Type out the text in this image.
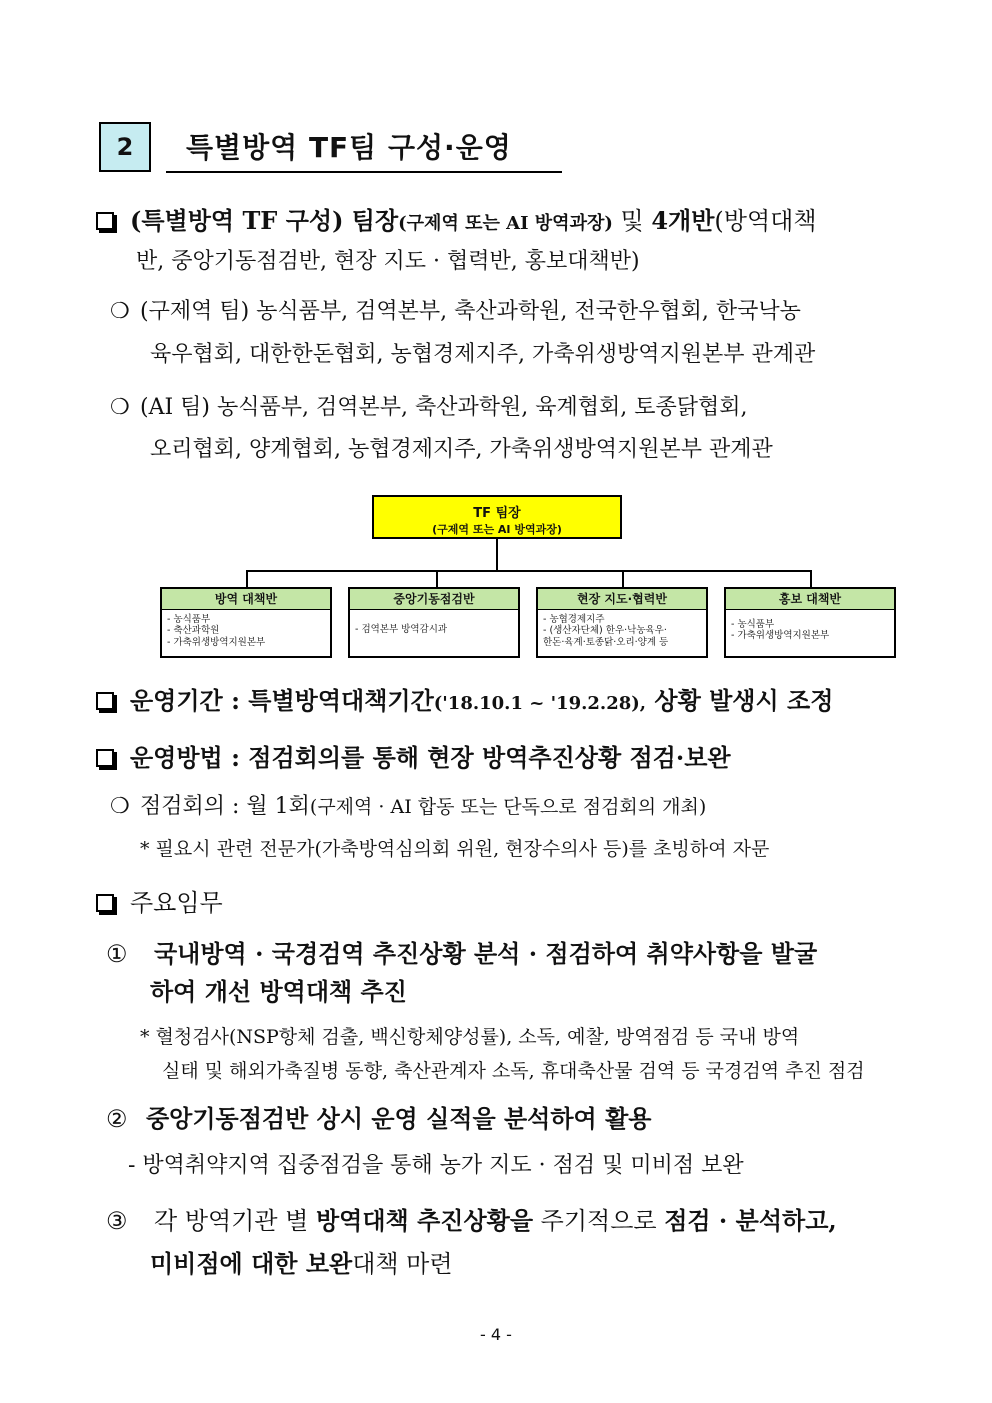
2	특별방역 TF팀 구성·운영
(특별방역 TF 구성) 팀장(구제역 또는 AI 방역과장) 및 4개반(방역대책
반, 중앙기동점검반, 현장 지도 · 협력반, 홍보대책반)
❍ (구제역 팀) 농식품부, 검역본부, 축산과학원, 전국한우협회, 한국낙농
육우협회, 대한한돈협회, 농협경제지주, 가축위생방역지원본부 관계관
❍ (AI 팀) 농식품부, 검역본부, 축산과학원, 육계협회, 토종닭협회,
오리협회, 양계협회, 농협경제지주, 가축위생방역지원본부 관계관
TF 팀장
(구제역 또는 AI 방역과장)
방역 대책반
- 농식품부
- 축산과학원
- 가축위생방역지원본부
중앙기동점검반
- 검역본부 방역감시과
현장 지도·협력반
- 농협경제지주
- (생산자단체) 한우·낙농육우·
한돈·육계·토종닭·오리·양계 등
홍보 대책반
- 농식품부
- 가축위생방역지원본부
운영기간 : 특별방역대책기간('18.10.1 ~ '19.2.28), 상황 발생시 조정
운영방법 : 점검회의를 통해 현장 방역추진상황 점검·보완
❍ 점검회의 : 월 1회(구제역 · AI 합동 또는 단독으로 점검회의 개최)
* 필요시 관련 전문가(가축방역심의회 위원, 현장수의사 등)를 초빙하여 자문
주요임무
① 국내방역 · 국경검역 추진상황 분석 · 점검하여 취약사항을 발굴
하여 개선 방역대책 추진
* 혈청검사(NSP항체 검출, 백신항체양성률), 소독, 예찰, 방역점검 등 국내 방역
실태 및 해외가축질병 동향, 축산관계자 소독, 휴대축산물 검역 등 국경검역 추진 점검
② 중앙기동점검반 상시 운영 실적을 분석하여 활용
- 방역취약지역 집중점검을 통해 농가 지도 · 점검 및 미비점 보완
③ 각 방역기관 별 방역대책 추진상황을 주기적으로 점검 · 분석하고,
미비점에 대한 보완대책 마련
- 4 -
